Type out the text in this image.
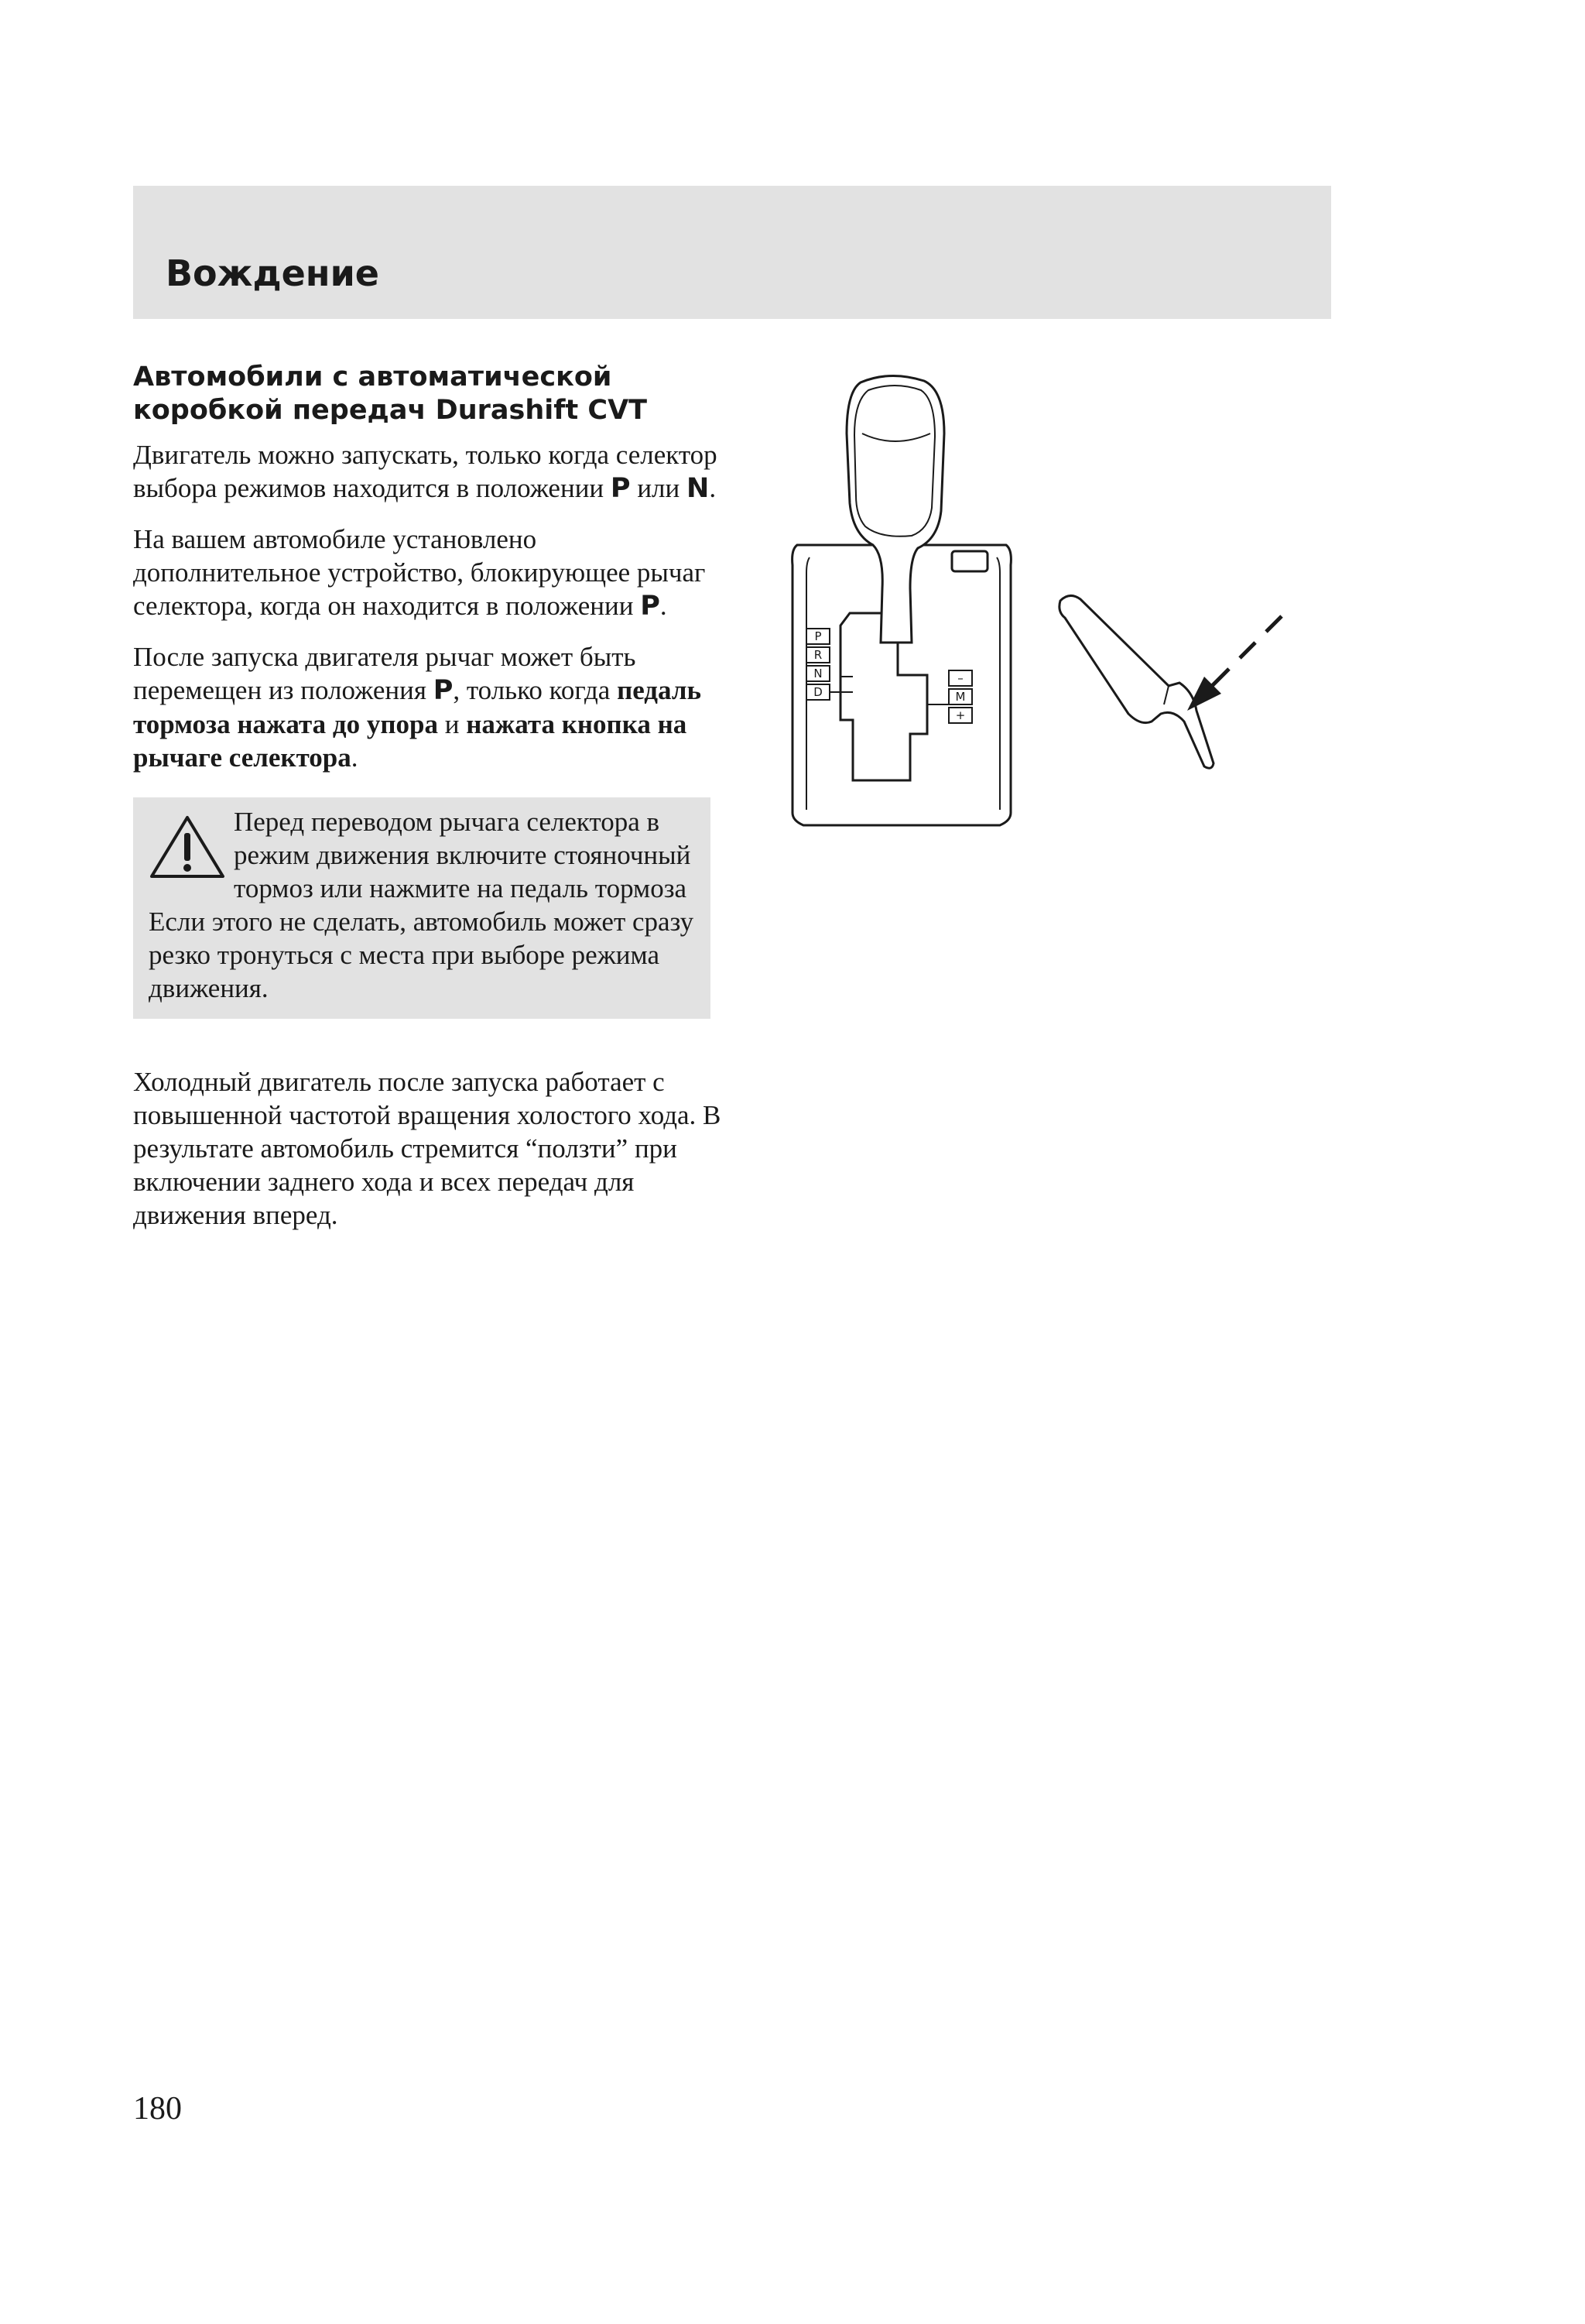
Вождение
Автомобили с автоматической коробкой передач Durashift CVT

Двигатель можно запускать, только когда селектор выбора режимов находится в положении P или N.

На вашем автомобиле установлено дополнительное устройство, блокирующее рычаг селектора, когда он находится в положении P.

После запуска двигателя рычаг может быть перемещен из положения P, только когда педаль тормоза нажата до упора и нажата кнопка на рычаге селектора.

Перед переводом рычага селектора в режим движения включите стояночный тормоз или нажмите на педаль тормоза Если этого не сделать, автомобиль может сразу резко тронуться с места при выборе режима движения.

Холодный двигатель после запуска работает с повышенной частотой вращения холостого хода. В результате автомобиль стремится “ползти” при включении заднего хода и всех передач для движения вперед.

P
R
N
D
–
M
+

180
